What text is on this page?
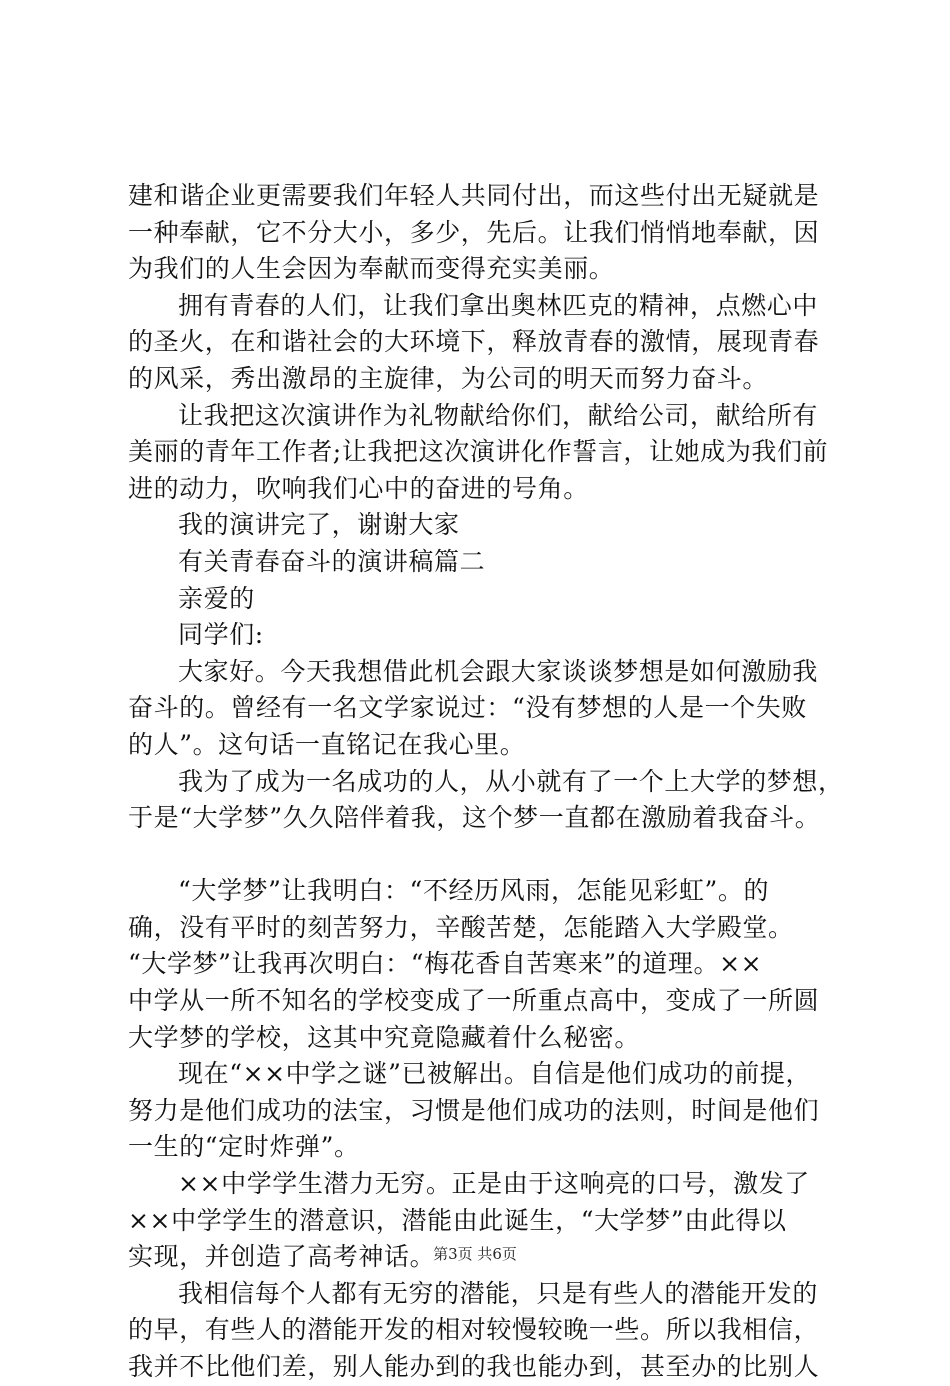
建和谐企业更需要我们年轻人共同付出，而这些付出无疑就是
一种奉献，它不分大小，多少，先后。让我们悄悄地奉献，因
为我们的人生会因为奉献而变得充实美丽。
拥有青春的人们，让我们拿出奥林匹克的精神，点燃心中
的圣火，在和谐社会的大环境下，释放青春的激情，展现青春
的风采，秀出激昂的主旋律，为公司的明天而努力奋斗。
让我把这次演讲作为礼物献给你们，献给公司，献给所有
美丽的青年工作者;让我把这次演讲化作誓言，让她成为我们前
进的动力，吹响我们心中的奋进的号角。
我的演讲完了，谢谢大家
有关青春奋斗的演讲稿篇二
亲爱的
同学们:
大家好。今天我想借此机会跟大家谈谈梦想是如何激励我
奋斗的。曾经有一名文学家说过：“没有梦想的人是一个失败
的人”。这句话一直铭记在我心里。
我为了成为一名成功的人，从小就有了一个上大学的梦想，
于是“大学梦”久久陪伴着我，这个梦一直都在激励着我奋斗。
“大学梦”让我明白：“不经历风雨，怎能见彩虹”。的
确，没有平时的刻苦努力，辛酸苦楚，怎能踏入大学殿堂。
“大学梦”让我再次明白：“梅花香自苦寒来”的道理。××
中学从一所不知名的学校变成了一所重点高中，变成了一所圆
大学梦的学校，这其中究竟隐藏着什么秘密。
现在“××中学之谜”已被解出。自信是他们成功的前提，
努力是他们成功的法宝，习惯是他们成功的法则，时间是他们
一生的“定时炸弹”。
××中学学生潜力无穷。正是由于这响亮的口号，激发了
××中学学生的潜意识，潜能由此诞生，“大学梦”由此得以
实现，并创造了高考神话。
我相信每个人都有无穷的潜能，只是有些人的潜能开发的
的早，有些人的潜能开发的相对较慢较晚一些。所以我相信，
我并不比他们差，别人能办到的我也能办到，甚至办的比别人
第3页 共6页
